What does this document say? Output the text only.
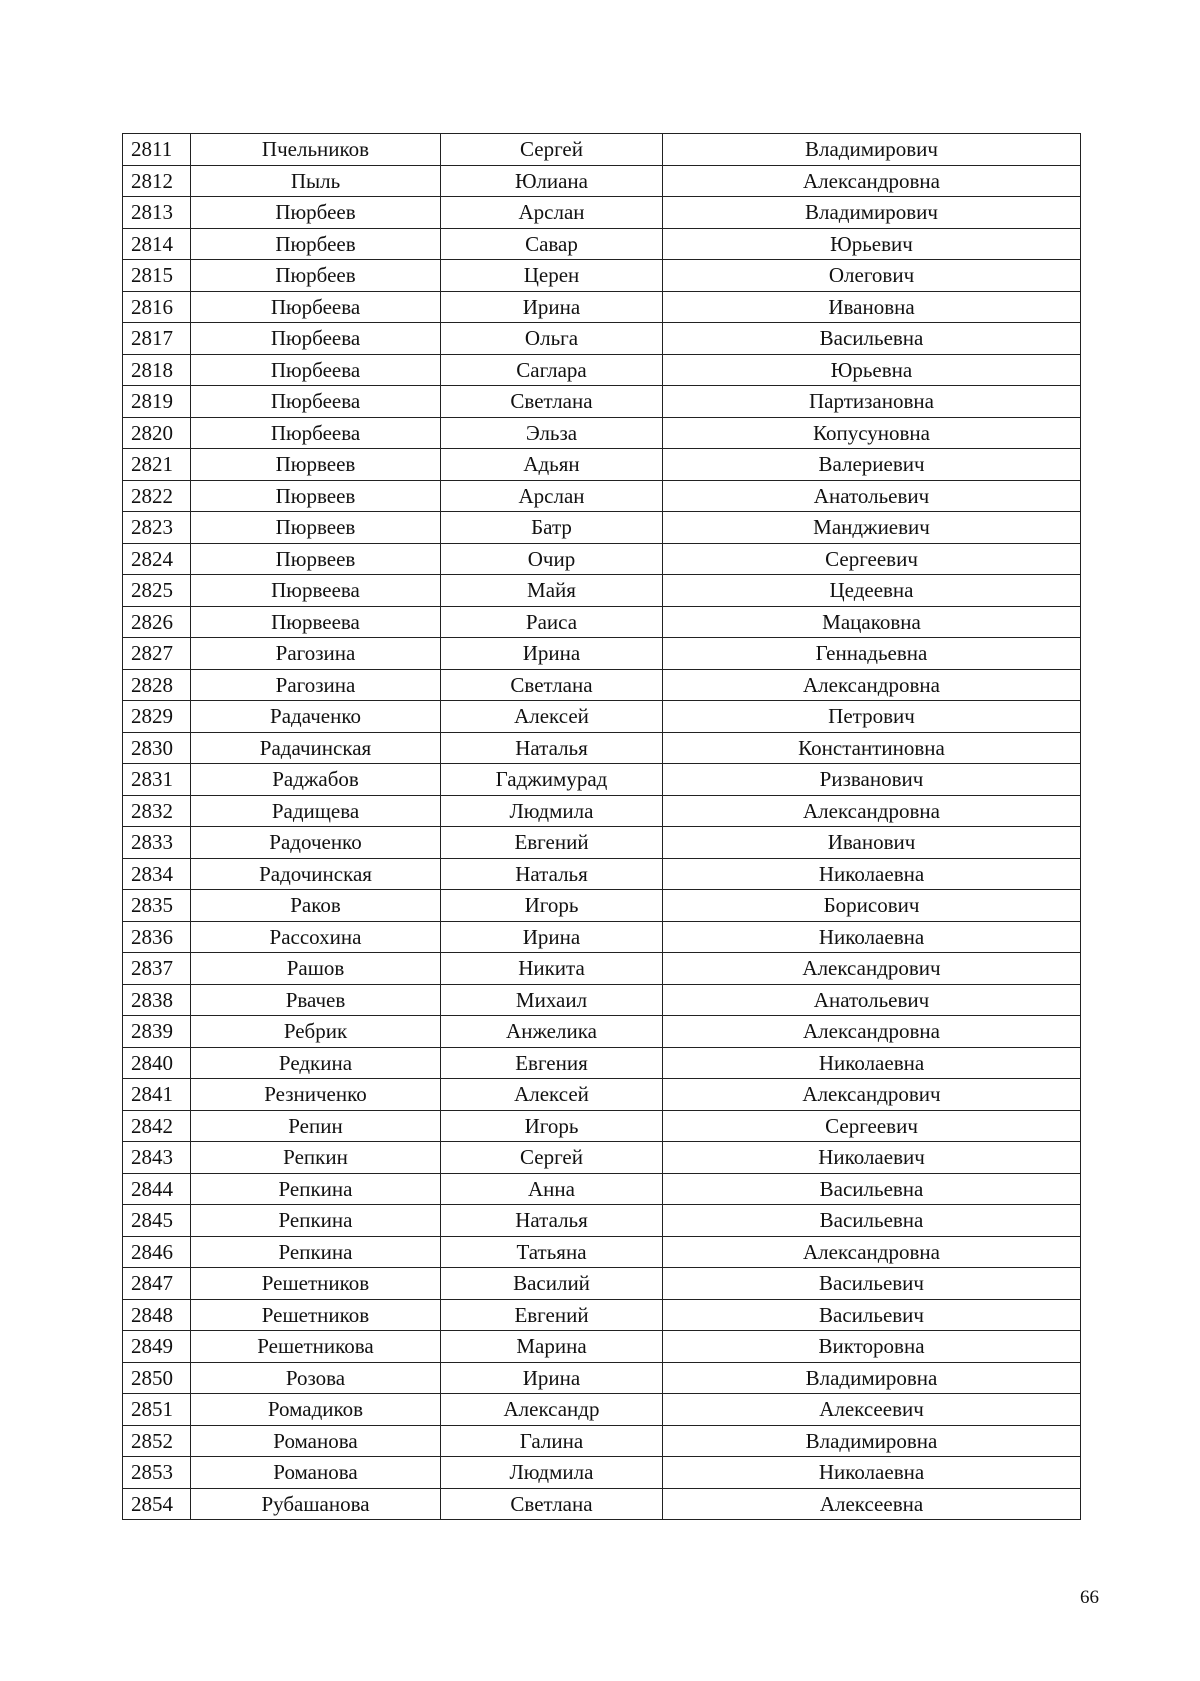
2811	Пчельников	Сергей	Владимирович
2812	Пыль	Юлиана	Александровна
2813	Пюрбеев	Арслан	Владимирович
2814	Пюрбеев	Савар	Юрьевич
2815	Пюрбеев	Церен	Олегович
2816	Пюрбеева	Ирина	Ивановна
2817	Пюрбеева	Ольга	Васильевна
2818	Пюрбеева	Саглара	Юрьевна
2819	Пюрбеева	Светлана	Партизановна
2820	Пюрбеева	Эльза	Копусуновна
2821	Пюрвеев	Адьян	Валериевич
2822	Пюрвеев	Арслан	Анатольевич
2823	Пюрвеев	Батр	Манджиевич
2824	Пюрвеев	Очир	Сергеевич
2825	Пюрвеева	Майя	Цедеевна
2826	Пюрвеева	Раиса	Мацаковна
2827	Рагозина	Ирина	Геннадьевна
2828	Рагозина	Светлана	Александровна
2829	Радаченко	Алексей	Петрович
2830	Радачинская	Наталья	Константиновна
2831	Раджабов	Гаджимурад	Ризванович
2832	Радищева	Людмила	Александровна
2833	Радоченко	Евгений	Иванович
2834	Радочинская	Наталья	Николаевна
2835	Раков	Игорь	Борисович
2836	Рассохина	Ирина	Николаевна
2837	Рашов	Никита	Александрович
2838	Рвачев	Михаил	Анатольевич
2839	Ребрик	Анжелика	Александровна
2840	Редкина	Евгения	Николаевна
2841	Резниченко	Алексей	Александрович
2842	Репин	Игорь	Сергеевич
2843	Репкин	Сергей	Николаевич
2844	Репкина	Анна	Васильевна
2845	Репкина	Наталья	Васильевна
2846	Репкина	Татьяна	Александровна
2847	Решетников	Василий	Васильевич
2848	Решетников	Евгений	Васильевич
2849	Решетникова	Марина	Викторовна
2850	Розова	Ирина	Владимировна
2851	Ромадиков	Александр	Алексеевич
2852	Романова	Галина	Владимировна
2853	Романова	Людмила	Николаевна
2854	Рубашанова	Светлана	Алексеевна
66
